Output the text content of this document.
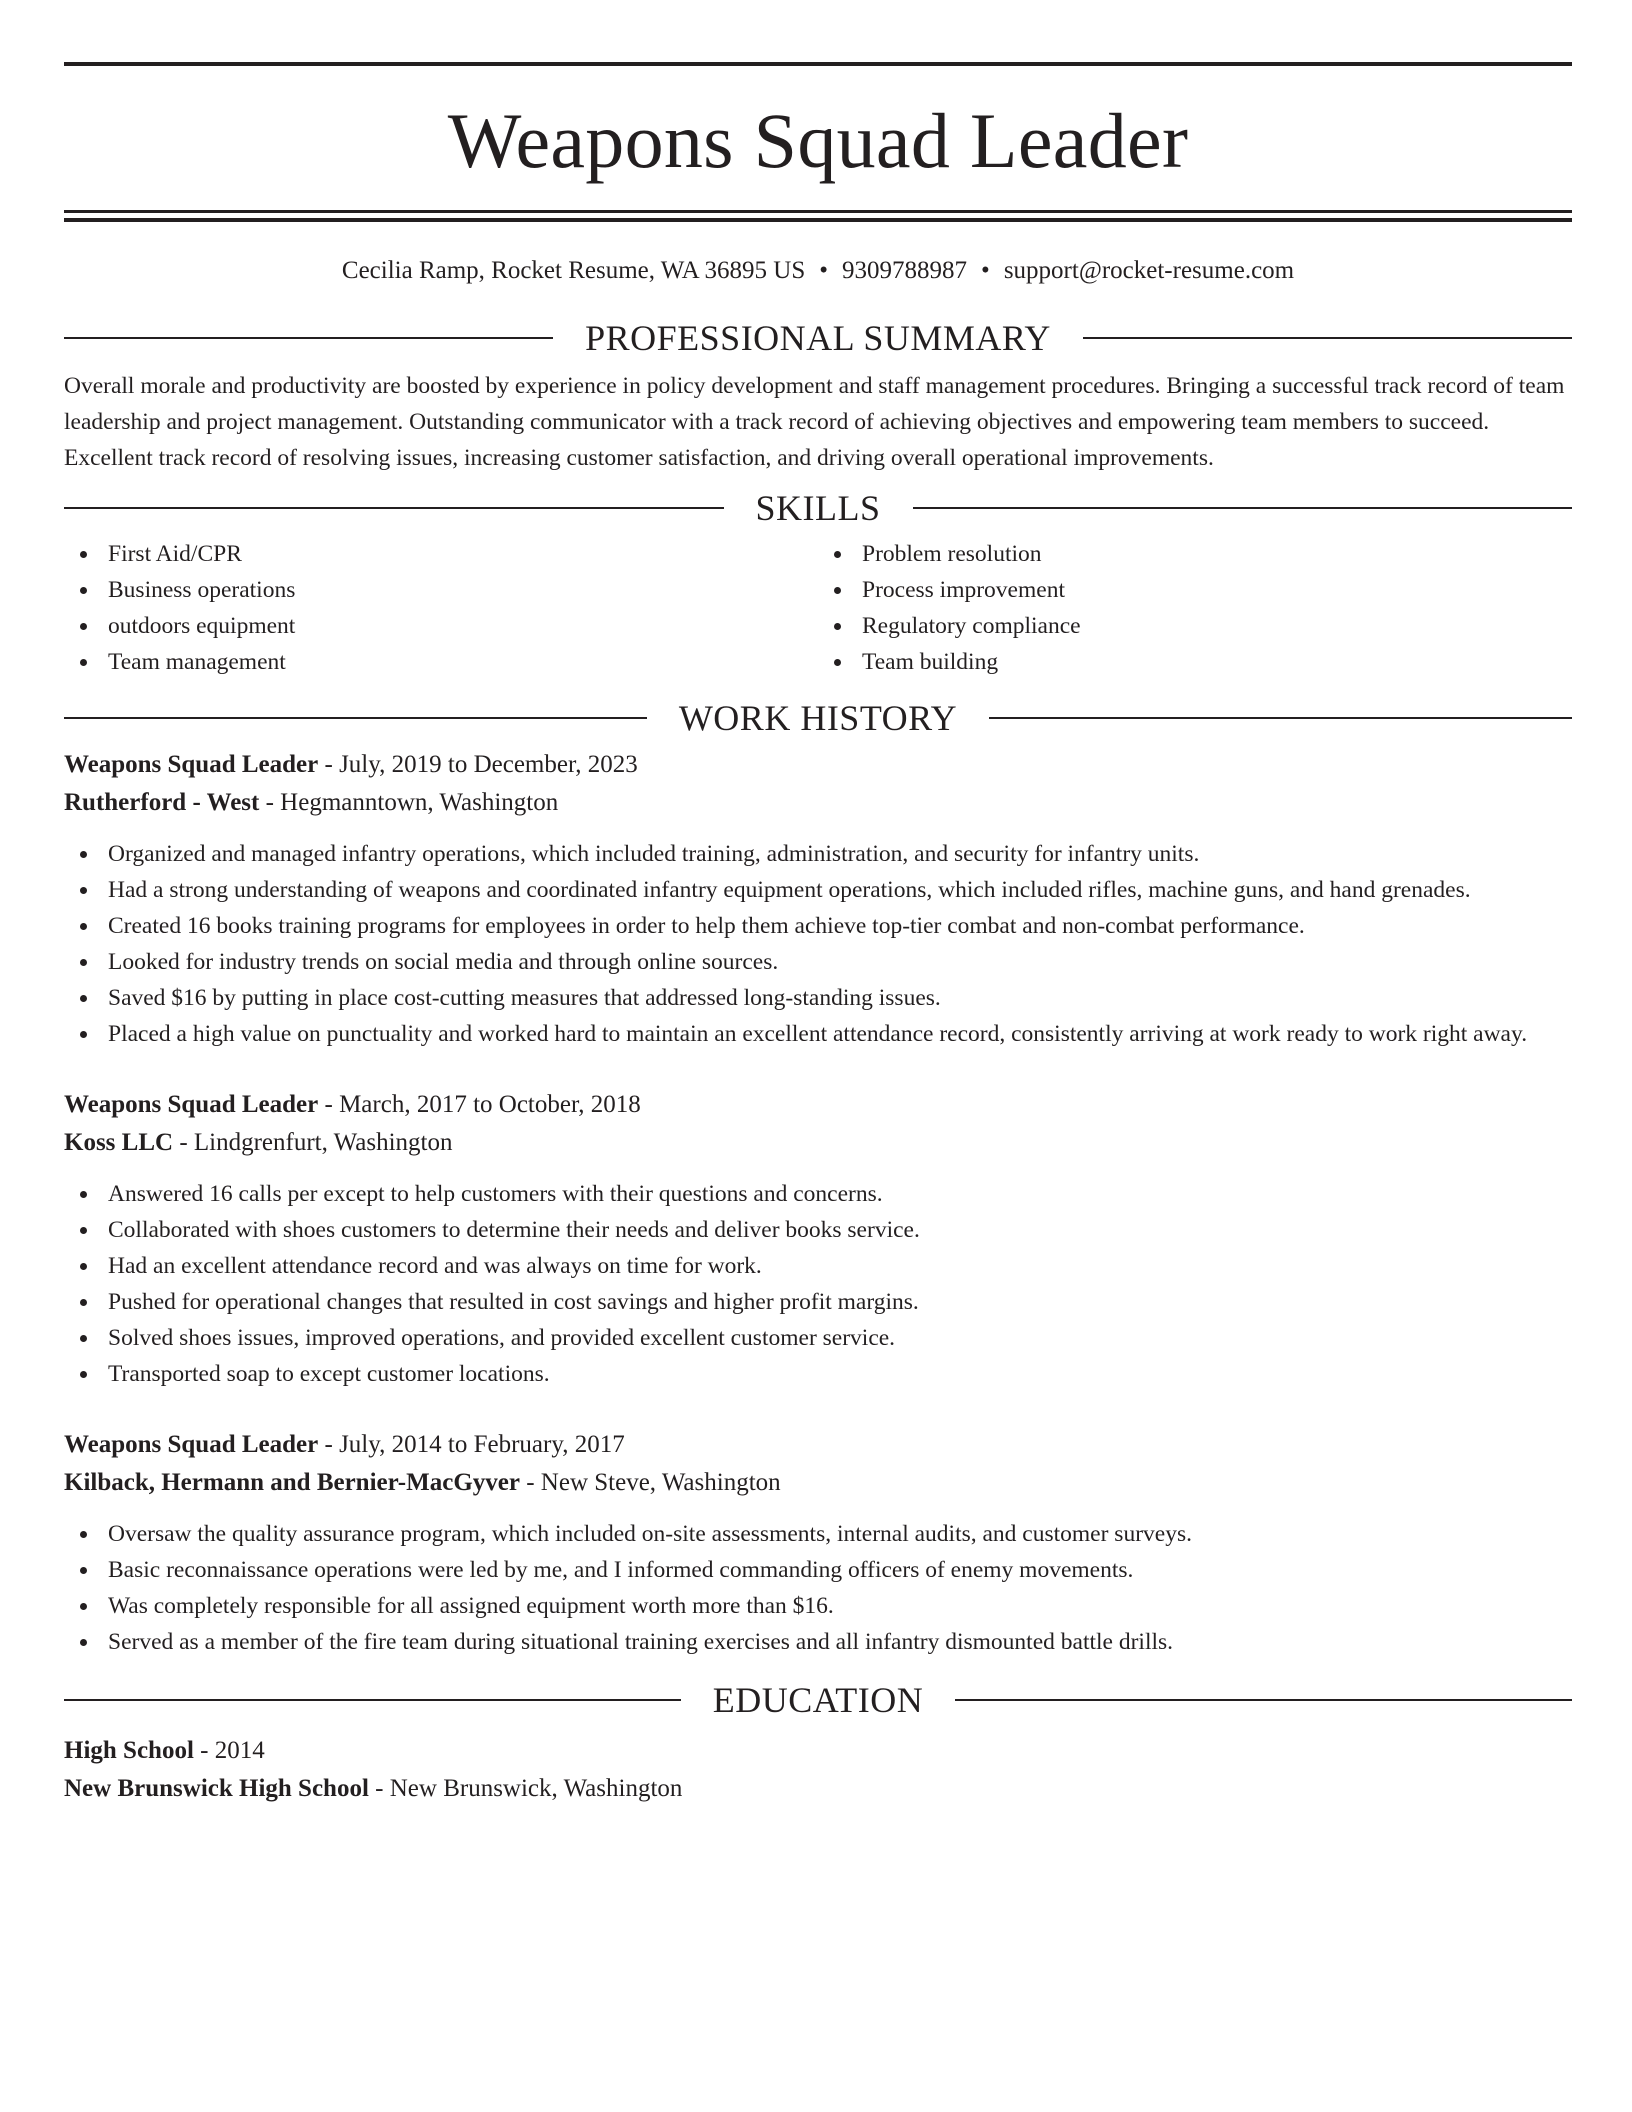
Weapons Squad Leader
Cecilia Ramp, Rocket Resume, WA 36895 US • 9309788987 • support@rocket-resume.com
PROFESSIONAL SUMMARY

Overall morale and productivity are boosted by experience in policy development and staff management procedures. Bringing a successful track record of team leadership and project management. Outstanding communicator with a track record of achieving objectives and empowering team members to succeed. Excellent track record of resolving issues, increasing customer satisfaction, and driving overall operational improvements.

SKILLS
First Aid/CPR
Business operations
outdoors equipment
Team management
Problem resolution
Process improvement
Regulatory compliance
Team building
WORK HISTORY
Weapons Squad Leader - July, 2019 to December, 2023
Rutherford - West - Hegmanntown, Washington
Organized and managed infantry operations, which included training, administration, and security for infantry units.
Had a strong understanding of weapons and coordinated infantry equipment operations, which included rifles, machine guns, and hand grenades.
Created 16 books training programs for employees in order to help them achieve top-tier combat and non-combat performance.
Looked for industry trends on social media and through online sources.
Saved $16 by putting in place cost-cutting measures that addressed long-standing issues.
Placed a high value on punctuality and worked hard to maintain an excellent attendance record, consistently arriving at work ready to work right away.
Weapons Squad Leader - March, 2017 to October, 2018
Koss LLC - Lindgrenfurt, Washington
Answered 16 calls per except to help customers with their questions and concerns.
Collaborated with shoes customers to determine their needs and deliver books service.
Had an excellent attendance record and was always on time for work.
Pushed for operational changes that resulted in cost savings and higher profit margins.
Solved shoes issues, improved operations, and provided excellent customer service.
Transported soap to except customer locations.
Weapons Squad Leader - July, 2014 to February, 2017
Kilback, Hermann and Bernier-MacGyver - New Steve, Washington
Oversaw the quality assurance program, which included on-site assessments, internal audits, and customer surveys.
Basic reconnaissance operations were led by me, and I informed commanding officers of enemy movements.
Was completely responsible for all assigned equipment worth more than $16.
Served as a member of the fire team during situational training exercises and all infantry dismounted battle drills.
EDUCATION
High School - 2014
New Brunswick High School - New Brunswick, Washington
